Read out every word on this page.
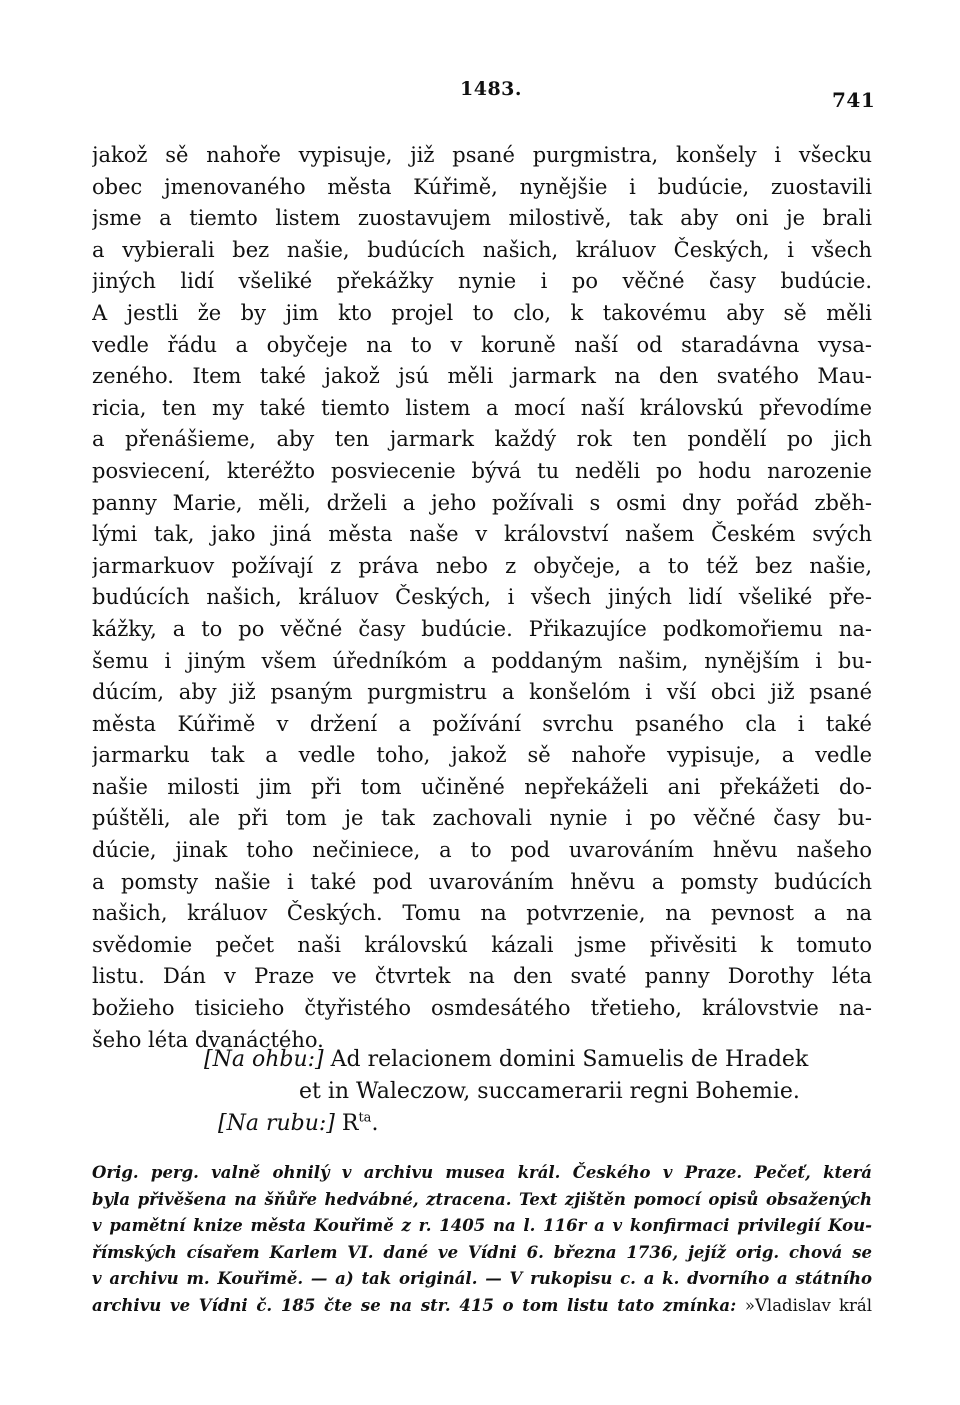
1483.	741
jakož sě nahoře vypisuje, již psané purgmistra, konšely i všecku
obec jmenovaného města Kúřimě, nynějšie i budúcie, zuostavili
jsme a tiemto listem zuostavujem milostivě, tak aby oni je brali
a vybierali bez našie, budúcích našich, králuov Českých, i všech
jiných lidí všeliké překážky nynie i po věčné časy budúcie.
A jestli že by jim kto projel to clo, k takovému aby sě měli
vedle řádu a obyčeje na to v koruně naší od staradávna vysa-
zeného. Item také jakož jsú měli jarmark na den svatého Mau-
ricia, ten my také tiemto listem a mocí naší královskú převodíme
a přenášieme, aby ten jarmark každý rok ten pondělí po jich
posviecení, kteréžto posviecenie bývá tu neděli po hodu narozenie
panny Marie, měli, drželi a jeho požívali s osmi dny pořád zběh-
lými tak, jako jiná města naše v království našem Českém svých
jarmarkuov požívají z práva nebo z obyčeje, a to též bez našie,
budúcích našich, králuov Českých, i všech jiných lidí všeliké pře-
kážky, a to po věčné časy budúcie. Přikazujíce podkomořiemu na-
šemu i jiným všem úředníkóm a poddaným našim, nynějším i bu-
dúcím, aby již psaným purgmistru a konšelóm i vší obci již psané
města Kúřimě v držení a požívání svrchu psaného cla i také
jarmarku tak a vedle toho, jakož sě nahoře vypisuje, a vedle
našie milosti jim při tom učiněné nepřekáželi ani překážeti do-
púštěli, ale při tom je tak zachovali nynie i po věčné časy bu-
dúcie, jinak toho nečiniece, a to pod uvarováním hněvu našeho
a pomsty našie i také pod uvarováním hněvu a pomsty budúcích
našich, králuov Českých. Tomu na potvrzenie, na pevnost a na
svědomie pečet naši královskú kázali jsme přivěsiti k tomuto
listu. Dán v Praze ve čtvrtek na den svaté panny Dorothy léta
božieho tisicieho čtyřistého osmdesátého třetieho, královstvie na-
šeho léta dvanáctého.
[Na ohbu:] Ad relacionem domini Samuelis de Hradek
et in Waleczow, succamerarii regni Bohemie.
[Na rubu:] $R^{ta}$.
Orig. perg. valně ohnilý v archivu musea král. Českého v Praze. Pečeť, která
byla přivěšena na šňůře hedvábné, ztracena. Text zjištěn pomocí opisů obsažených
v pamětní knize města Kouřimě z r. 1405 na l. 116r a v konfirmaci privilegií Kou-
římských císařem Karlem VI. dané ve Vídni 6. března 1736, jejíž orig. chová se
v archivu m. Kouřimě. — a) tak originál. — V rukopisu c. a k. dvorního a státního
archivu ve Vídni č. 185 čte se na str. 415 o tom listu tato zmínka: »Vladislav král
